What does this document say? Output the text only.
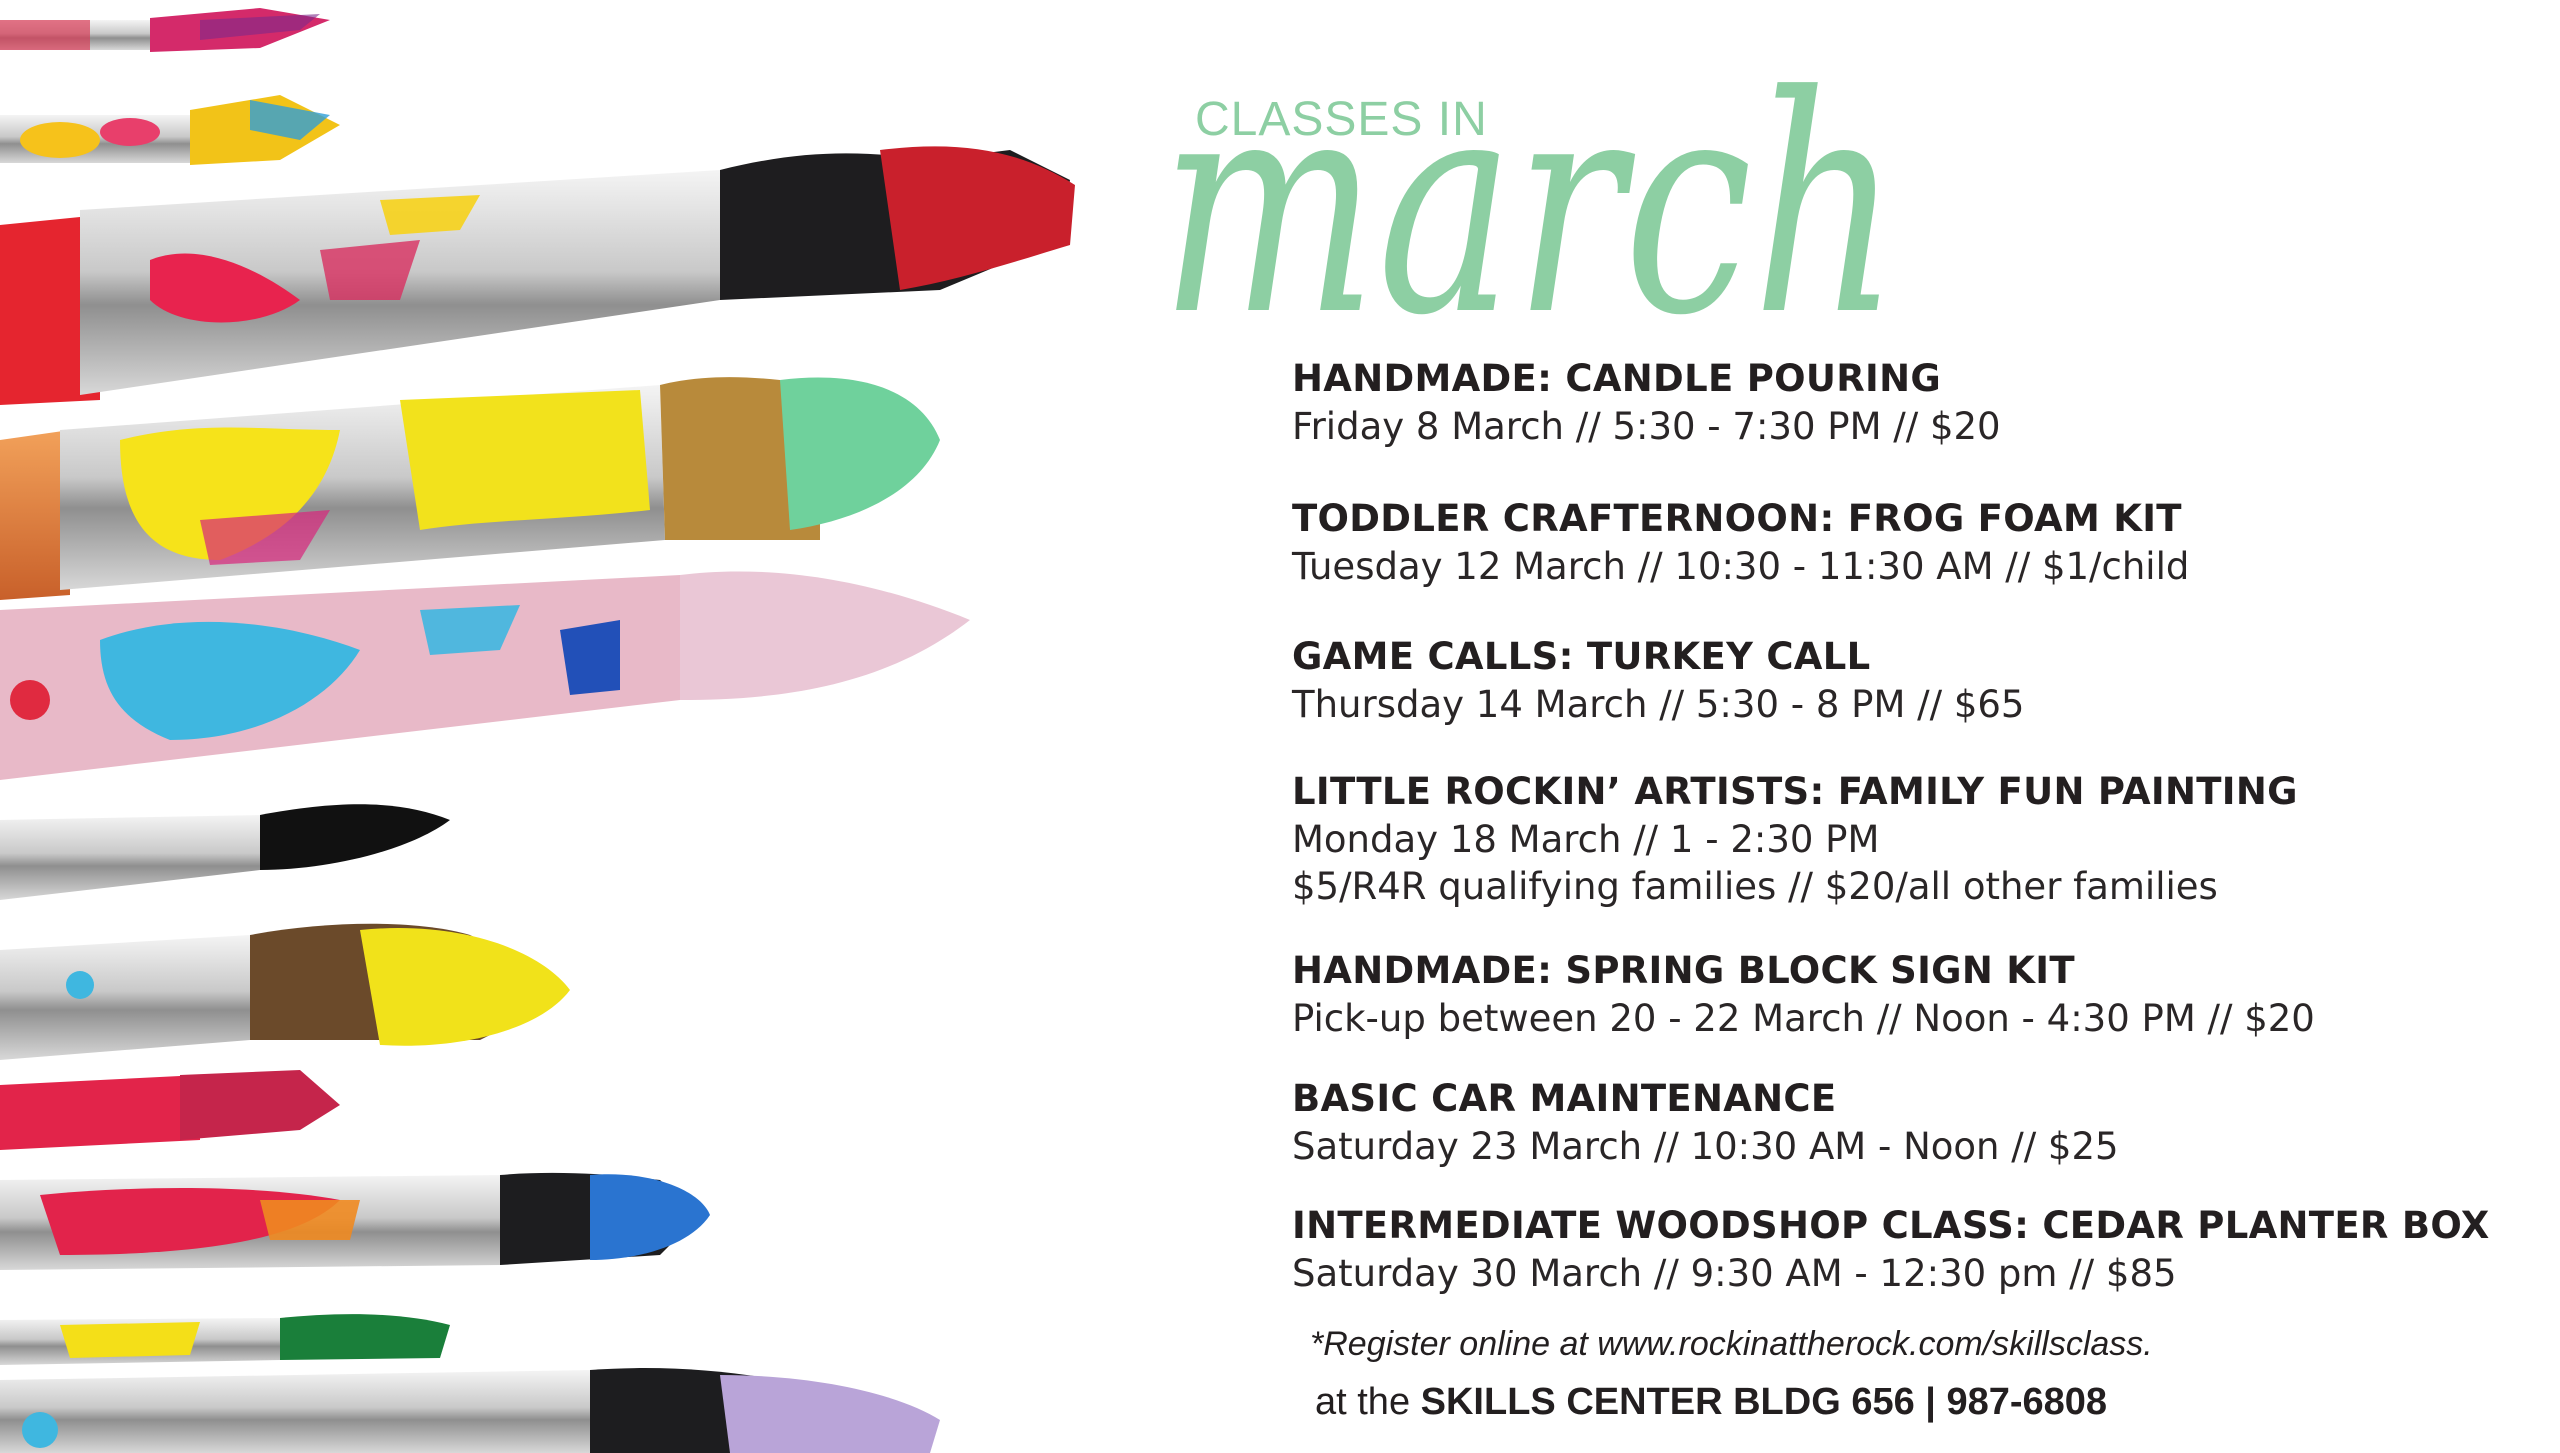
CLASSES IN
march
HANDMADE: CANDLE POURING
Friday 8 March // 5:30 - 7:30 PM // $20
TODDLER CRAFTERNOON: FROG FOAM KIT
Tuesday 12 March // 10:30 - 11:30 AM // $1/child
GAME CALLS: TURKEY CALL
Thursday 14 March // 5:30 - 8 PM // $65
LITTLE ROCKIN’ ARTISTS: FAMILY FUN PAINTING
Monday 18 March // 1 - 2:30 PM
$5/R4R qualifying families // $20/all other families
HANDMADE: SPRING BLOCK SIGN KIT
Pick-up between 20 - 22 March // Noon - 4:30 PM // $20
BASIC CAR MAINTENANCE
Saturday 23 March // 10:30 AM - Noon // $25
INTERMEDIATE WOODSHOP CLASS: CEDAR PLANTER BOX
Saturday 30 March // 9:30 AM - 12:30 pm // $85
*Register online at www.rockinattherock.com/skillsclass.
at the SKILLS CENTER BLDG 656 | 987-6808
